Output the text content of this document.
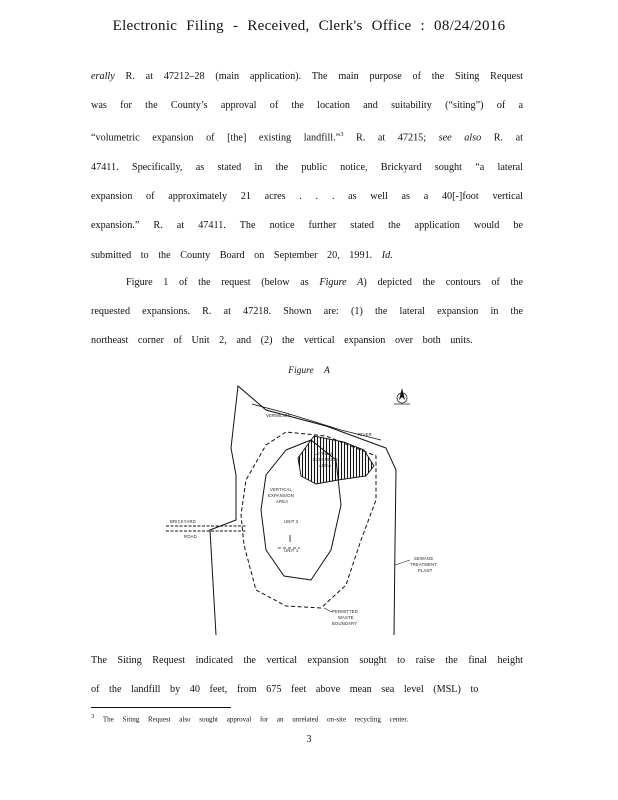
Electronic Filing - Received, Clerk's Office : 08/24/2016

erally R. at 47212–28 (main application). The main purpose of the Siting Request was for the County’s approval of the location and suitability (“siting”) of a “volumetric expansion of [the] existing landfill.”$^3$ R. at 47215; see also R. at 47411. Specifically, as stated in the public notice, Brickyard sought “a lateral expansion of approximately 21 acres . . . as well as a 40[-]foot vertical expansion.” R. at 47411. The notice further stated the application would be submitted to the County Board on September 20, 1991. Id.

Figure 1 of the request (below as Figure A) depicted the contours of the requested expansions. R. at 47218. Shown are: (1) the lateral expansion in the northeast corner of Unit 2, and (2) the vertical expansion over both units.

Figure A
VERMILION
RIVER
LATERAL
EXPANSION
AREA
VERTICAL
EXPANSION
AREA
UNIT 2
UNIT 1
BRICKYARD
ROAD
SEWAGE
TREATMENT
PLANT
PERMITTED
WASTE
BOUNDARY

The Siting Request indicated the vertical expansion sought to raise the final height of the landfill by 40 feet, from 675 feet above mean sea level (MSL) to

3 The Siting Request also sought approval for an unrelated on-site recycling center.
3
